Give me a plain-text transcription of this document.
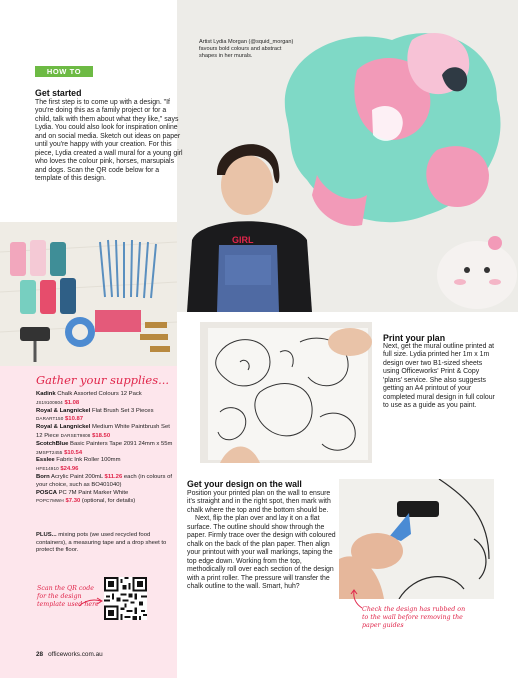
GIRL
Artist Lydia Morgan (@squid_morgan) favours bold colours and abstract shapes in her murals.
HOW TO
Get started
The first step is to come up with a design. "If you're doing this as a family project or for a child, talk with them about what they like," says Lydia. You could also look for inspiration online and on social media. Sketch out ideas on paper until you're happy with your creation. For this piece, Lydia created a wall mural for a young girl who loves the colour pink, horses, marsupials and dogs. Scan the QR code below for a template of this design.
Gather your supplies...
Kadink Chalk Assorted Colours 12 Pack
JS19100804 $1.08
Royal & Langnickel Flat Brush Set 3 Pieces
DARART150 $10.87
Royal & Langnickel Medium White Paintbrush Set 12 Piece DARSET9808 $18.50
ScotchBlue Basic Painters Tape 2091 24mm x 55m 3MSPT2455 $10.54
Esslee Fabric Ink Roller 100mm
HFE14910 $24.96
Born Acrylic Paint 200mL $11.26 each (in colours of your choice, such as BO401040)
POSCA PC 7M Paint Marker White
POPC7MWH $7.30 (optional, for details)
PLUS... mixing pots (we used recycled food containers), a measuring tape and a drop sheet to protect the floor.
Scan the QR code for the design template used here
Print your plan
Next, get the mural outline printed at full size. Lydia printed her 1m x 1m design over two B1-sized sheets using Officeworks' Print & Copy 'plans' service. She also suggests getting an A4 printout of your completed mural design in full colour to use as a guide as you paint.
Get your design on the wall
Position your printed plan on the wall to ensure it's straight and in the right spot, then mark with chalk where the top and the bottom should be.
Next, flip the plan over and lay it on a flat surface. The outline should show through the paper. Firmly trace over the design with coloured chalk on the back of the plan paper. Then align your printout with your wall markings, taping the top edge down. Working from the top, methodically roll over each section of the design with a print roller. The pressure will transfer the chalk outline to the wall. Smart, huh?
Check the design has rubbed on to the wall before removing the paper guides
28 officeworks.com.au
